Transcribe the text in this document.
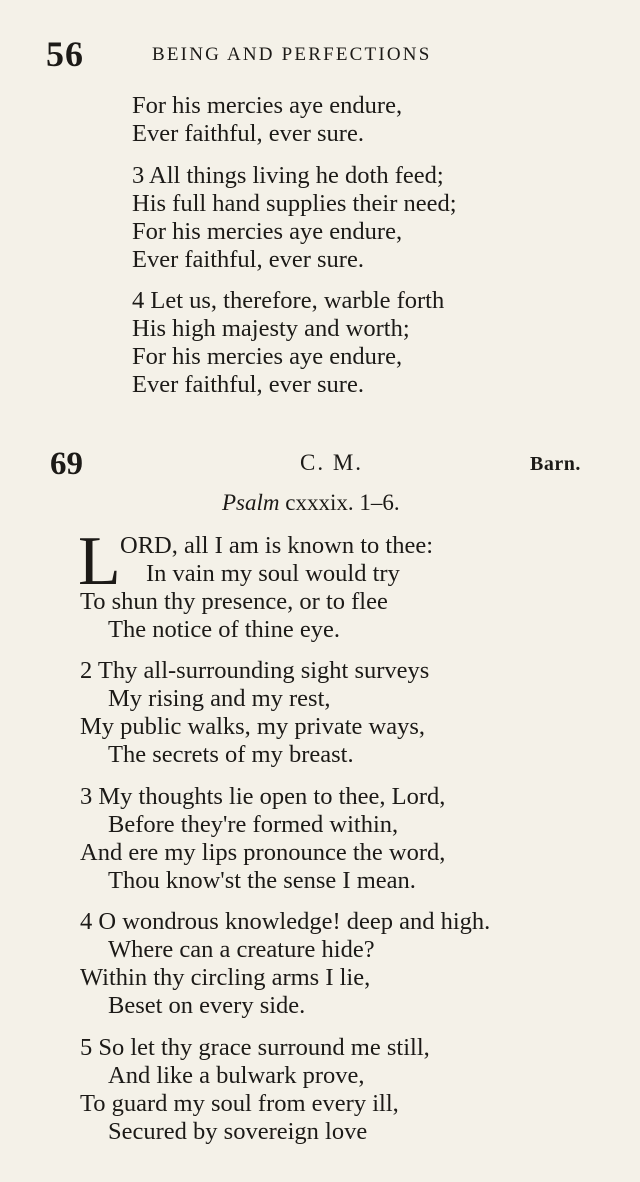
56	BEING AND PERFECTIONS
For his mercies aye endure,
Ever faithful, ever sure.
3 All things living he doth feed;
His full hand supplies their need;
For his mercies aye endure,
Ever faithful, ever sure.
4 Let us, therefore, warble forth
His high majesty and worth;
For his mercies aye endure,
Ever faithful, ever sure.
69	C. M.	Barn.
Psalm cxxxix. 1–6.
L ORD, all I am is known to thee:
In vain my soul would try
To shun thy presence, or to flee
The notice of thine eye.
2 Thy all-surrounding sight surveys
My rising and my rest,
My public walks, my private ways,
The secrets of my breast.
3 My thoughts lie open to thee, Lord,
Before they're formed within,
And ere my lips pronounce the word,
Thou know'st the sense I mean.
4 O wondrous knowledge! deep and high.
Where can a creature hide?
Within thy circling arms I lie,
Beset on every side.
5 So let thy grace surround me still,
And like a bulwark prove,
To guard my soul from every ill,
Secured by sovereign love
